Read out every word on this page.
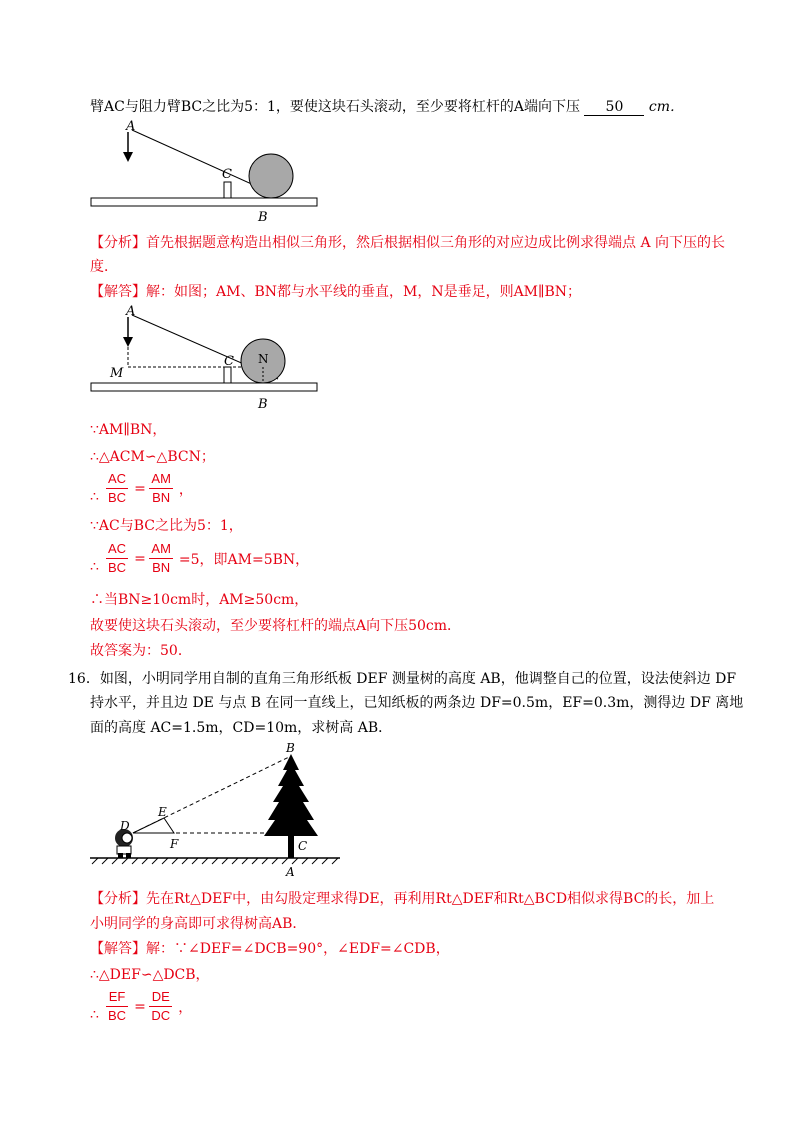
臂AC与阻力臂BC之比为5：1，要使这块石头滚动，至少要将杠杆的A端向下压 50 cm．
A
C
B
【分析】首先根据题意构造出相似三角形，然后根据相似三角形的对应边成比例求得端点 A 向下压的长
度．
【解答】解：如图；AM、BN都与水平线的垂直，M，N是垂足，则AM∥BN；
A
C N
M
B
∵AM∥BN，
∴△ACM∽△BCN；
∴ $\frac{AC}{BC} = \frac{AM}{BN}$ ，
∵AC与BC之比为5：1，
∴ $\frac{AC}{BC} = \frac{AM}{BN} =5$，即AM=5BN，
∴当BN≥10cm时，AM≥50cm，
故要使这块石头滚动，至少要将杠杆的端点A向下压50cm．
故答案为：50．
16．如图，小明同学用自制的直角三角形纸板 DEF 测量树的高度 AB，他调整自己的位置，设法使斜边 DF
持水平，并且边 DE 与点 B 在同一直线上，已知纸板的两条边 DF=0.5m，EF=0.3m，测得边 DF 离地
面的高度 AC=1.5m，CD=10m，求树高 AB．
B
E
D
F	C
A
【分析】先在Rt△DEF中，由勾股定理求得DE，再利用Rt△DEF和Rt△BCD相似求得BC的长，加上
小明同学的身高即可求得树高AB．
【解答】解：∵∠DEF=∠DCB=90°，∠EDF=∠CDB，
∴△DEF∽△DCB，
∴ $\frac{EF}{BC} = \frac{DE}{DC}$ ，
